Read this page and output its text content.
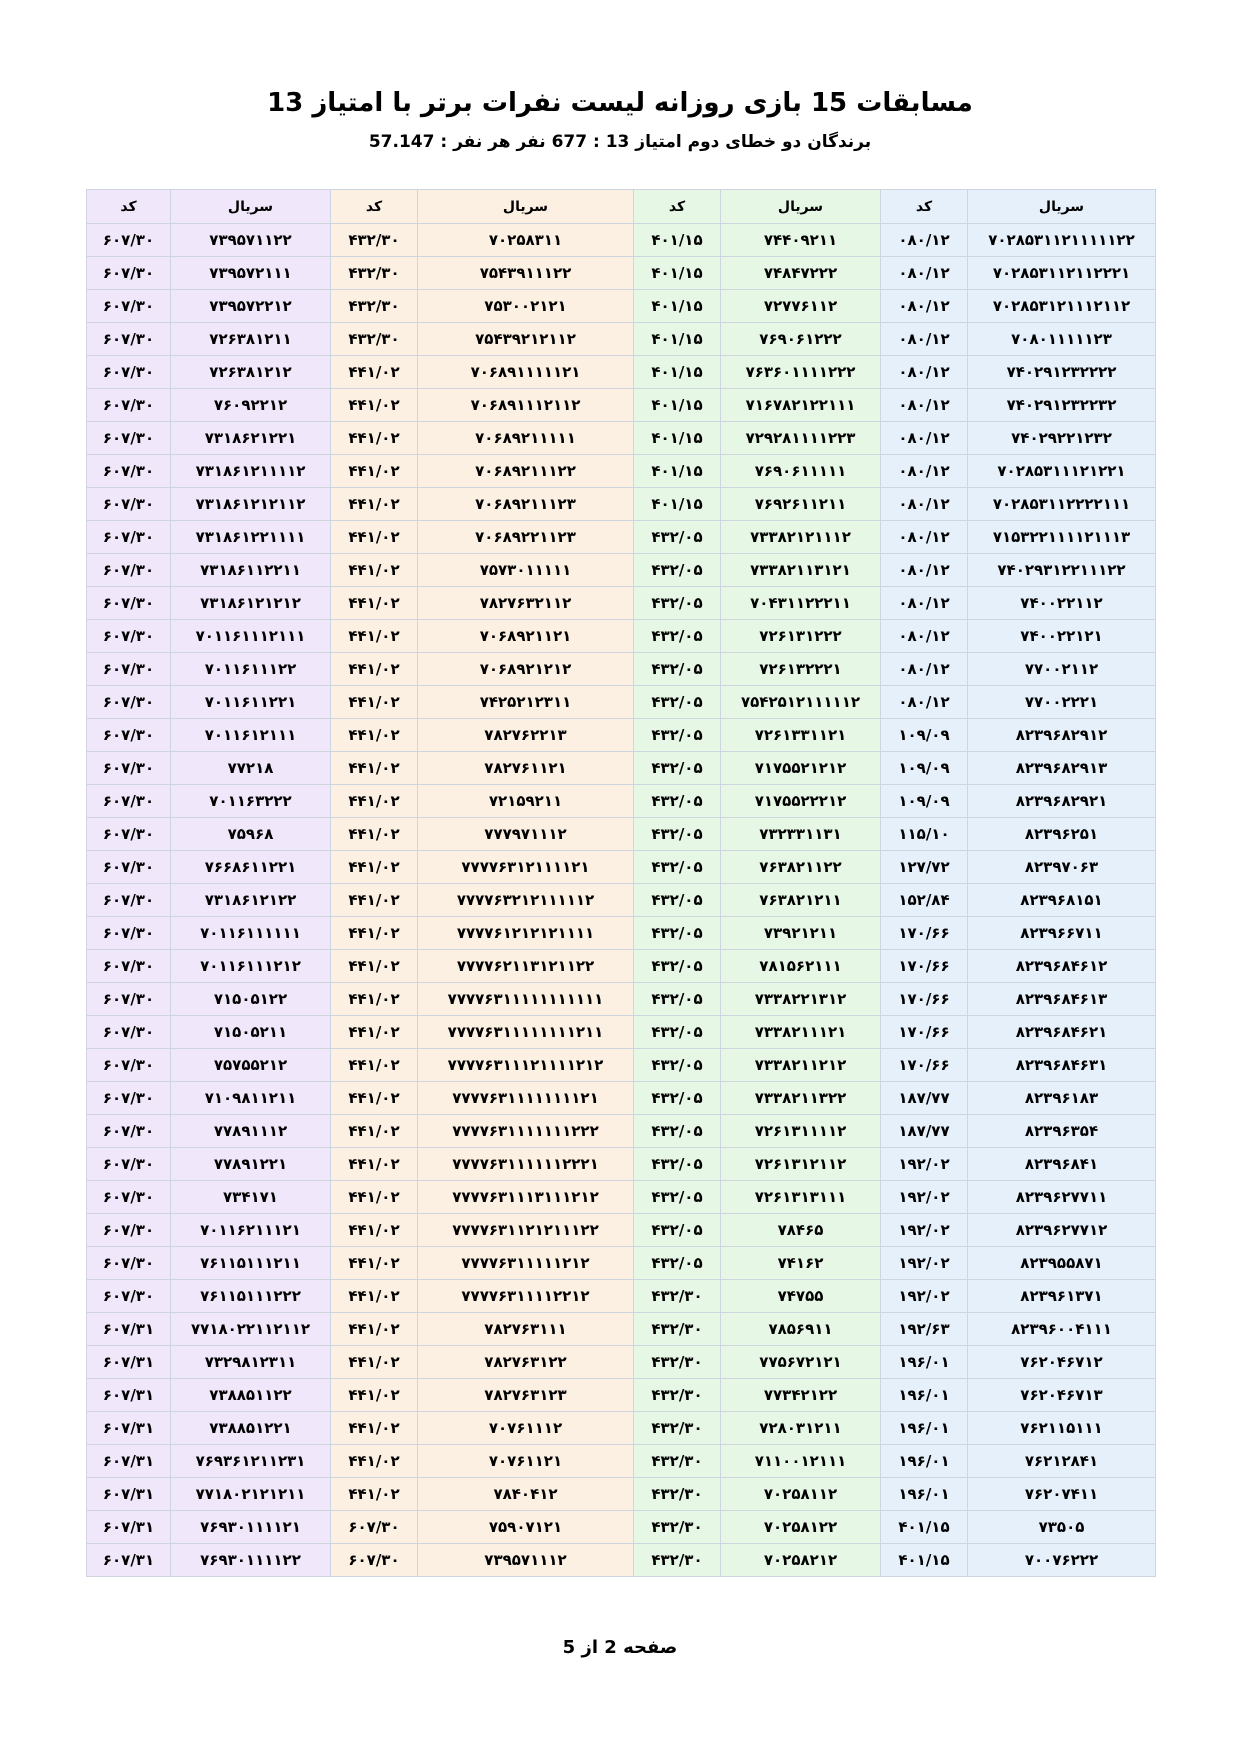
مسابقات 15 بازی روزانه لیست نفرات برتر با امتیاز 13
برندگان دو خطای دوم امتیاز 13 : 677 نفر هر نفر : 57.147
سریال	کد	سریال	کد	سریال	کد	سریال	کد
۷۰۲۸۵۳۱۱۲۱۱۱۱۱۲۲	۰۸۰/۱۲	۷۴۴۰۹۲۱۱	۴۰۱/۱۵	۷۰۲۵۸۳۱۱	۴۳۲/۳۰	۷۳۹۵۷۱۱۲۲	۶۰۷/۳۰
۷۰۲۸۵۳۱۱۲۱۱۲۲۲۱	۰۸۰/۱۲	۷۴۸۴۷۲۲۲	۴۰۱/۱۵	۷۵۴۳۹۱۱۱۲۲	۴۳۲/۳۰	۷۳۹۵۷۲۱۱۱	۶۰۷/۳۰
۷۰۲۸۵۳۱۲۱۱۱۲۱۱۲	۰۸۰/۱۲	۷۲۷۷۶۱۱۲	۴۰۱/۱۵	۷۵۳۰۰۲۱۲۱	۴۳۲/۳۰	۷۳۹۵۷۲۲۱۲	۶۰۷/۳۰
۷۰۸۰۱۱۱۱۱۲۳	۰۸۰/۱۲	۷۶۹۰۶۱۲۲۲	۴۰۱/۱۵	۷۵۴۳۹۲۱۲۱۱۲	۴۳۲/۳۰	۷۲۶۳۸۱۲۱۱	۶۰۷/۳۰
۷۴۰۲۹۱۲۳۲۲۲۲	۰۸۰/۱۲	۷۶۳۶۰۱۱۱۱۲۲۲	۴۰۱/۱۵	۷۰۶۸۹۱۱۱۱۱۲۱	۴۴۱/۰۲	۷۲۶۳۸۱۲۱۲	۶۰۷/۳۰
۷۴۰۲۹۱۲۳۲۲۳۲	۰۸۰/۱۲	۷۱۶۷۸۲۱۲۲۱۱۱	۴۰۱/۱۵	۷۰۶۸۹۱۱۱۲۱۱۲	۴۴۱/۰۲	۷۶۰۹۲۲۱۲	۶۰۷/۳۰
۷۴۰۲۹۲۲۱۲۳۲	۰۸۰/۱۲	۷۲۹۲۸۱۱۱۱۲۲۳	۴۰۱/۱۵	۷۰۶۸۹۲۱۱۱۱۱	۴۴۱/۰۲	۷۳۱۸۶۲۱۲۲۱	۶۰۷/۳۰
۷۰۲۸۵۳۱۱۱۲۱۲۲۱	۰۸۰/۱۲	۷۶۹۰۶۱۱۱۱۱	۴۰۱/۱۵	۷۰۶۸۹۲۱۱۱۲۲	۴۴۱/۰۲	۷۳۱۸۶۱۲۱۱۱۱۲	۶۰۷/۳۰
۷۰۲۸۵۳۱۱۲۲۲۲۱۱۱	۰۸۰/۱۲	۷۶۹۲۶۱۱۲۱۱	۴۰۱/۱۵	۷۰۶۸۹۲۱۱۱۲۳	۴۴۱/۰۲	۷۳۱۸۶۱۲۱۲۱۱۲	۶۰۷/۳۰
۷۱۵۳۲۲۱۱۱۱۲۱۱۱۳	۰۸۰/۱۲	۷۳۳۸۲۱۲۱۱۱۲	۴۳۲/۰۵	۷۰۶۸۹۲۲۱۱۲۳	۴۴۱/۰۲	۷۳۱۸۶۱۲۲۱۱۱۱	۶۰۷/۳۰
۷۴۰۲۹۳۱۲۲۱۱۱۲۲	۰۸۰/۱۲	۷۳۳۸۲۱۱۳۱۲۱	۴۳۲/۰۵	۷۵۷۳۰۱۱۱۱۱	۴۴۱/۰۲	۷۳۱۸۶۱۱۲۲۱۱	۶۰۷/۳۰
۷۴۰۰۲۲۱۱۲	۰۸۰/۱۲	۷۰۴۳۱۱۲۲۲۱۱	۴۳۲/۰۵	۷۸۲۷۶۳۲۱۱۲	۴۴۱/۰۲	۷۳۱۸۶۱۲۱۲۱۲	۶۰۷/۳۰
۷۴۰۰۲۲۱۲۱	۰۸۰/۱۲	۷۲۶۱۳۱۲۲۲	۴۳۲/۰۵	۷۰۶۸۹۲۱۱۲۱	۴۴۱/۰۲	۷۰۱۱۶۱۱۱۲۱۱۱	۶۰۷/۳۰
۷۷۰۰۲۱۱۲	۰۸۰/۱۲	۷۲۶۱۳۲۲۲۱	۴۳۲/۰۵	۷۰۶۸۹۲۱۲۱۲	۴۴۱/۰۲	۷۰۱۱۶۱۱۱۲۲	۶۰۷/۳۰
۷۷۰۰۲۲۲۱	۰۸۰/۱۲	۷۵۴۲۵۱۲۱۱۱۱۱۲	۴۳۲/۰۵	۷۴۲۵۲۱۲۳۱۱	۴۴۱/۰۲	۷۰۱۱۶۱۱۲۲۱	۶۰۷/۳۰
۸۲۳۹۶۸۲۹۱۲	۱۰۹/۰۹	۷۲۶۱۳۳۱۱۲۱	۴۳۲/۰۵	۷۸۲۷۶۲۲۱۳	۴۴۱/۰۲	۷۰۱۱۶۱۲۱۱۱	۶۰۷/۳۰
۸۲۳۹۶۸۲۹۱۳	۱۰۹/۰۹	۷۱۷۵۵۲۱۲۱۲	۴۳۲/۰۵	۷۸۲۷۶۱۱۲۱	۴۴۱/۰۲	۷۷۲۱۸	۶۰۷/۳۰
۸۲۳۹۶۸۲۹۲۱	۱۰۹/۰۹	۷۱۷۵۵۲۲۲۱۲	۴۳۲/۰۵	۷۲۱۵۹۲۱۱	۴۴۱/۰۲	۷۰۱۱۶۳۲۲۲	۶۰۷/۳۰
۸۲۳۹۶۲۵۱	۱۱۵/۱۰	۷۳۲۳۳۱۱۳۱	۴۳۲/۰۵	۷۷۷۹۷۱۱۱۲	۴۴۱/۰۲	۷۵۹۶۸	۶۰۷/۳۰
۸۲۳۹۷۰۶۳	۱۲۷/۷۲	۷۶۳۸۲۱۱۲۲	۴۳۲/۰۵	۷۷۷۷۶۳۱۲۱۱۱۱۲۱	۴۴۱/۰۲	۷۶۶۸۶۱۱۲۲۱	۶۰۷/۳۰
۸۲۳۹۶۸۱۵۱	۱۵۲/۸۴	۷۶۳۸۲۱۲۱۱	۴۳۲/۰۵	۷۷۷۷۶۳۲۱۲۱۱۱۱۱۲	۴۴۱/۰۲	۷۳۱۸۶۱۲۱۲۲	۶۰۷/۳۰
۸۲۳۹۶۶۷۱۱	۱۷۰/۶۶	۷۳۹۲۱۲۱۱	۴۳۲/۰۵	۷۷۷۷۶۱۲۱۲۱۲۱۱۱۱	۴۴۱/۰۲	۷۰۱۱۶۱۱۱۱۱۱	۶۰۷/۳۰
۸۲۳۹۶۸۴۶۱۲	۱۷۰/۶۶	۷۸۱۵۶۲۱۱۱	۴۳۲/۰۵	۷۷۷۷۶۲۱۱۳۱۲۱۱۲۲	۴۴۱/۰۲	۷۰۱۱۶۱۱۱۲۱۲	۶۰۷/۳۰
۸۲۳۹۶۸۴۶۱۳	۱۷۰/۶۶	۷۳۳۸۲۲۱۳۱۲	۴۳۲/۰۵	۷۷۷۷۶۳۱۱۱۱۱۱۱۱۱۱۱	۴۴۱/۰۲	۷۱۵۰۵۱۲۲	۶۰۷/۳۰
۸۲۳۹۶۸۴۶۲۱	۱۷۰/۶۶	۷۳۳۸۲۱۱۱۲۱	۴۳۲/۰۵	۷۷۷۷۶۳۱۱۱۱۱۱۱۱۲۱۱	۴۴۱/۰۲	۷۱۵۰۵۲۱۱	۶۰۷/۳۰
۸۲۳۹۶۸۴۶۳۱	۱۷۰/۶۶	۷۳۳۸۲۱۱۲۱۲	۴۳۲/۰۵	۷۷۷۷۶۳۱۱۱۲۱۱۱۱۲۱۲	۴۴۱/۰۲	۷۵۷۵۵۲۱۲	۶۰۷/۳۰
۸۲۳۹۶۱۸۳	۱۸۷/۷۷	۷۳۳۸۲۱۱۳۲۲	۴۳۲/۰۵	۷۷۷۷۶۳۱۱۱۱۱۱۱۱۲۱	۴۴۱/۰۲	۷۱۰۹۸۱۱۲۱۱	۶۰۷/۳۰
۸۲۳۹۶۳۵۴	۱۸۷/۷۷	۷۲۶۱۳۱۱۱۱۲	۴۳۲/۰۵	۷۷۷۷۶۳۱۱۱۱۱۱۱۲۲۲	۴۴۱/۰۲	۷۷۸۹۱۱۱۲	۶۰۷/۳۰
۸۲۳۹۶۸۴۱	۱۹۲/۰۲	۷۲۶۱۳۱۲۱۱۲	۴۳۲/۰۵	۷۷۷۷۶۳۱۱۱۱۱۱۲۲۲۱	۴۴۱/۰۲	۷۷۸۹۱۲۲۱	۶۰۷/۳۰
۸۲۳۹۶۲۷۷۱۱	۱۹۲/۰۲	۷۲۶۱۳۱۳۱۱۱	۴۳۲/۰۵	۷۷۷۷۶۳۱۱۱۳۱۱۱۲۱۲	۴۴۱/۰۲	۷۳۴۱۷۱	۶۰۷/۳۰
۸۲۳۹۶۲۷۷۱۲	۱۹۲/۰۲	۷۸۴۶۵	۴۳۲/۰۵	۷۷۷۷۶۳۱۱۲۱۲۱۱۱۲۲	۴۴۱/۰۲	۷۰۱۱۶۲۱۱۱۲۱	۶۰۷/۳۰
۸۲۳۹۵۵۸۷۱	۱۹۲/۰۲	۷۴۱۶۲	۴۳۲/۰۵	۷۷۷۷۶۳۱۱۱۱۱۲۱۲	۴۴۱/۰۲	۷۶۱۱۵۱۱۱۲۱۱	۶۰۷/۳۰
۸۲۳۹۶۱۳۷۱	۱۹۲/۰۲	۷۴۷۵۵	۴۳۲/۳۰	۷۷۷۷۶۳۱۱۱۱۲۲۱۲	۴۴۱/۰۲	۷۶۱۱۵۱۱۱۲۲۲	۶۰۷/۳۰
۸۲۳۹۶۰۰۴۱۱۱	۱۹۲/۶۳	۷۸۵۶۹۱۱	۴۳۲/۳۰	۷۸۲۷۶۳۱۱۱	۴۴۱/۰۲	۷۷۱۸۰۲۲۱۱۲۱۱۲	۶۰۷/۳۱
۷۶۲۰۴۶۷۱۲	۱۹۶/۰۱	۷۷۵۶۷۲۱۲۱	۴۳۲/۳۰	۷۸۲۷۶۳۱۲۲	۴۴۱/۰۲	۷۳۲۹۸۱۲۳۱۱	۶۰۷/۳۱
۷۶۲۰۴۶۷۱۳	۱۹۶/۰۱	۷۷۳۴۲۱۲۲	۴۳۲/۳۰	۷۸۲۷۶۳۱۲۳	۴۴۱/۰۲	۷۳۸۸۵۱۱۲۲	۶۰۷/۳۱
۷۶۲۱۱۵۱۱۱	۱۹۶/۰۱	۷۲۸۰۳۱۲۱۱	۴۳۲/۳۰	۷۰۷۶۱۱۱۲	۴۴۱/۰۲	۷۳۸۸۵۱۲۲۱	۶۰۷/۳۱
۷۶۲۱۲۸۴۱	۱۹۶/۰۱	۷۱۱۰۰۱۲۱۱۱	۴۳۲/۳۰	۷۰۷۶۱۱۲۱	۴۴۱/۰۲	۷۶۹۳۶۱۲۱۱۲۳۱	۶۰۷/۳۱
۷۶۲۰۷۴۱۱	۱۹۶/۰۱	۷۰۲۵۸۱۱۲	۴۳۲/۳۰	۷۸۴۰۴۱۲	۴۴۱/۰۲	۷۷۱۸۰۲۱۲۱۲۱۱	۶۰۷/۳۱
۷۳۵۰۵	۴۰۱/۱۵	۷۰۲۵۸۱۲۲	۴۳۲/۳۰	۷۵۹۰۷۱۲۱	۶۰۷/۳۰	۷۶۹۳۰۱۱۱۱۲۱	۶۰۷/۳۱
۷۰۰۷۶۲۲۲	۴۰۱/۱۵	۷۰۲۵۸۲۱۲	۴۳۲/۳۰	۷۳۹۵۷۱۱۱۲	۶۰۷/۳۰	۷۶۹۳۰۱۱۱۱۲۲	۶۰۷/۳۱
صفحه 2 از 5
